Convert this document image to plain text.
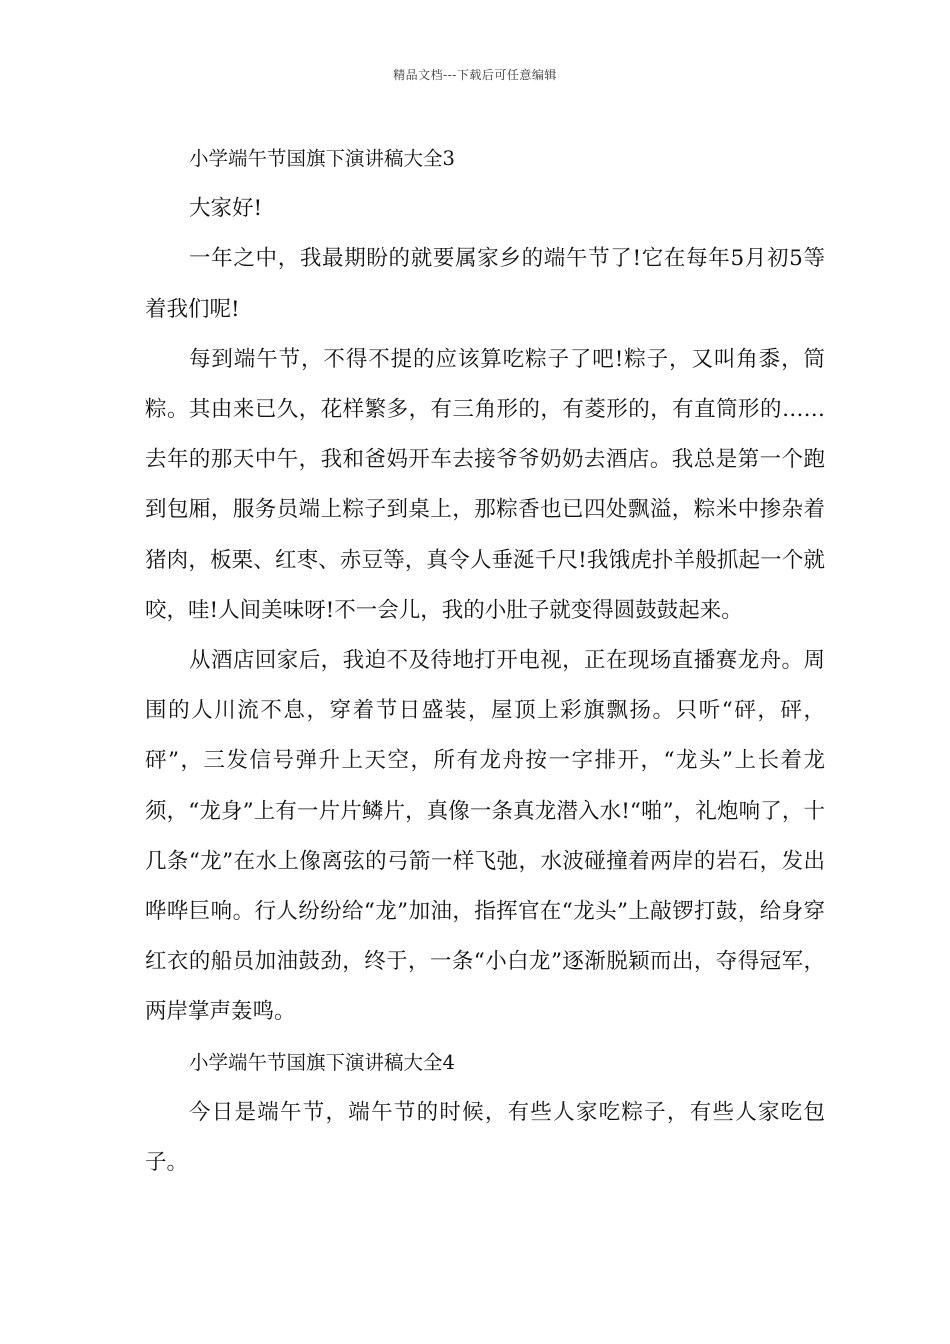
精品文档---下载后可任意编辑

小学端午节国旗下演讲稿大全3

大家好!

一年之中，我最期盼的就要属家乡的端午节了!它在每年5月初5等着我们呢!

每到端午节，不得不提的应该算吃粽子了吧!粽子，又叫角黍，筒粽。其由来已久，花样繁多，有三角形的，有菱形的，有直筒形的……去年的那天中午，我和爸妈开车去接爷爷奶奶去酒店。我总是第一个跑到包厢，服务员端上粽子到桌上，那粽香也已四处飘溢，粽米中掺杂着猪肉，板栗、红枣、赤豆等，真令人垂涎千尺!我饿虎扑羊般抓起一个就咬，哇!人间美味呀!不一会儿，我的小肚子就变得圆鼓鼓起来。

从酒店回家后，我迫不及待地打开电视，正在现场直播赛龙舟。周围的人川流不息，穿着节日盛装，屋顶上彩旗飘扬。只听“砰，砰，砰”，三发信号弹升上天空，所有龙舟按一字排开，“龙头”上长着龙须，“龙身”上有一片片鳞片，真像一条真龙潜入水!“啪”，礼炮响了，十几条“龙”在水上像离弦的弓箭一样飞弛，水波碰撞着两岸的岩石，发出哗哗巨响。行人纷纷给“龙”加油，指挥官在“龙头”上敲锣打鼓，给身穿红衣的船员加油鼓劲，终于，一条“小白龙”逐渐脱颖而出，夺得冠军，两岸掌声轰鸣。

小学端午节国旗下演讲稿大全4

今日是端午节，端午节的时候，有些人家吃粽子，有些人家吃包子。
